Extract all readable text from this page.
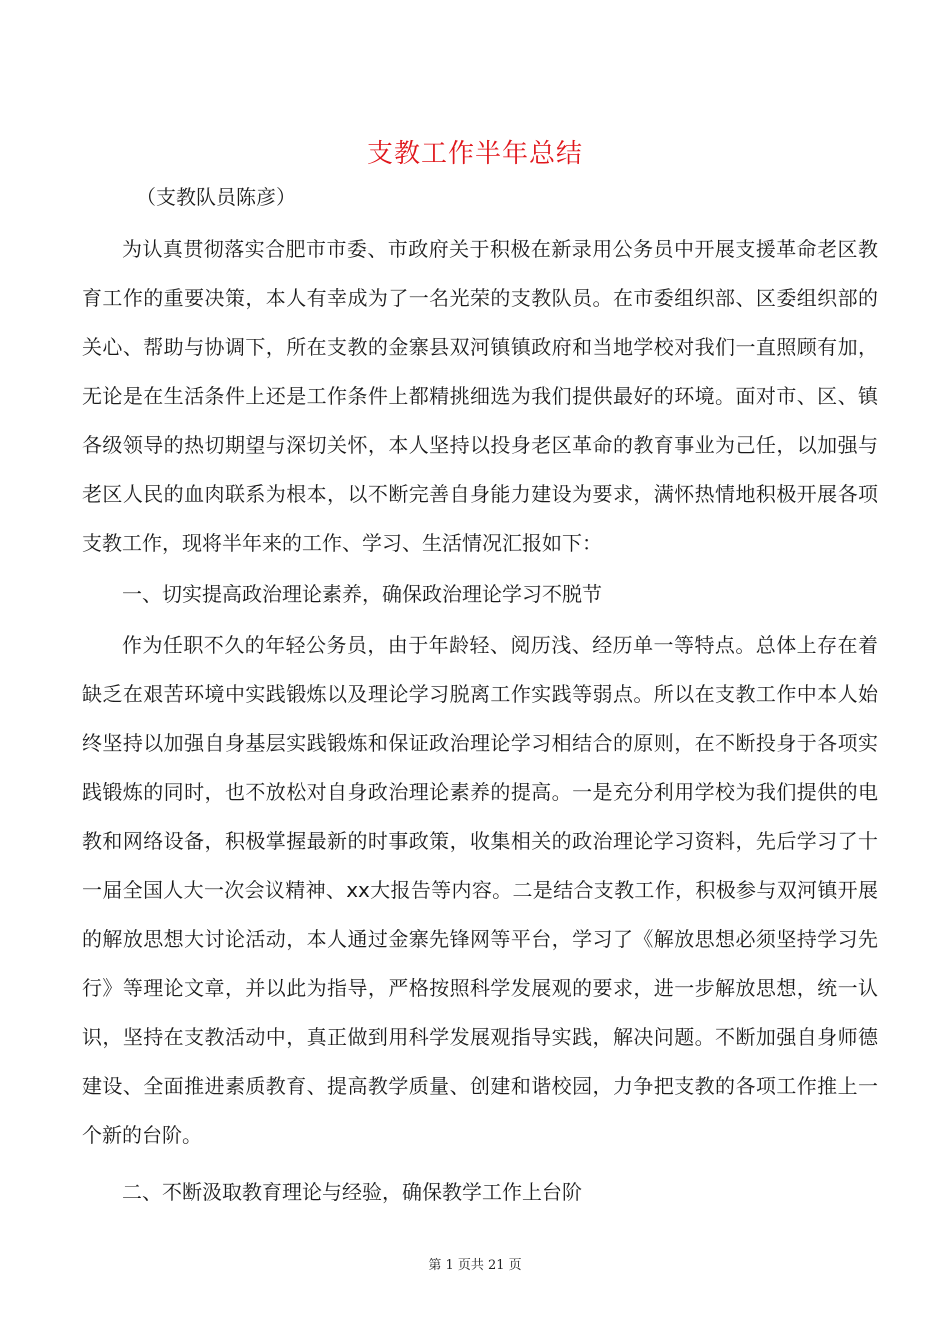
支教工作半年总结
（支教队员陈彦）

为认真贯彻落实合肥市市委、市政府关于积极在新录用公务员中开展支援革命老区教育工作的重要决策，本人有幸成为了一名光荣的支教队员。在市委组织部、区委组织部的关心、帮助与协调下，所在支教的金寨县双河镇镇政府和当地学校对我们一直照顾有加，无论是在生活条件上还是工作条件上都精挑细选为我们提供最好的环境。面对市、区、镇各级领导的热切期望与深切关怀，本人坚持以投身老区革命的教育事业为己任，以加强与老区人民的血肉联系为根本，以不断完善自身能力建设为要求，满怀热情地积极开展各项支教工作，现将半年来的工作、学习、生活情况汇报如下：

一、切实提高政治理论素养，确保政治理论学习不脱节

作为任职不久的年轻公务员，由于年龄轻、阅历浅、经历单一等特点。总体上存在着缺乏在艰苦环境中实践锻炼以及理论学习脱离工作实践等弱点。所以在支教工作中本人始终坚持以加强自身基层实践锻炼和保证政治理论学习相结合的原则，在不断投身于各项实践锻炼的同时，也不放松对自身政治理论素养的提高。一是充分利用学校为我们提供的电教和网络设备，积极掌握最新的时事政策，收集相关的政治理论学习资料，先后学习了十一届全国人大一次会议精神、xx大报告等内容。二是结合支教工作，积极参与双河镇开展的解放思想大讨论活动，本人通过金寨先锋网等平台，学习了《解放思想必须坚持学习先行》等理论文章，并以此为指导，严格按照科学发展观的要求，进一步解放思想，统一认识，坚持在支教活动中，真正做到用科学发展观指导实践，解决问题。不断加强自身师德建设、全面推进素质教育、提高教学质量、创建和谐校园，力争把支教的各项工作推上一个新的台阶。

二、不断汲取教育理论与经验，确保教学工作上台阶

第 1 页共 21 页
